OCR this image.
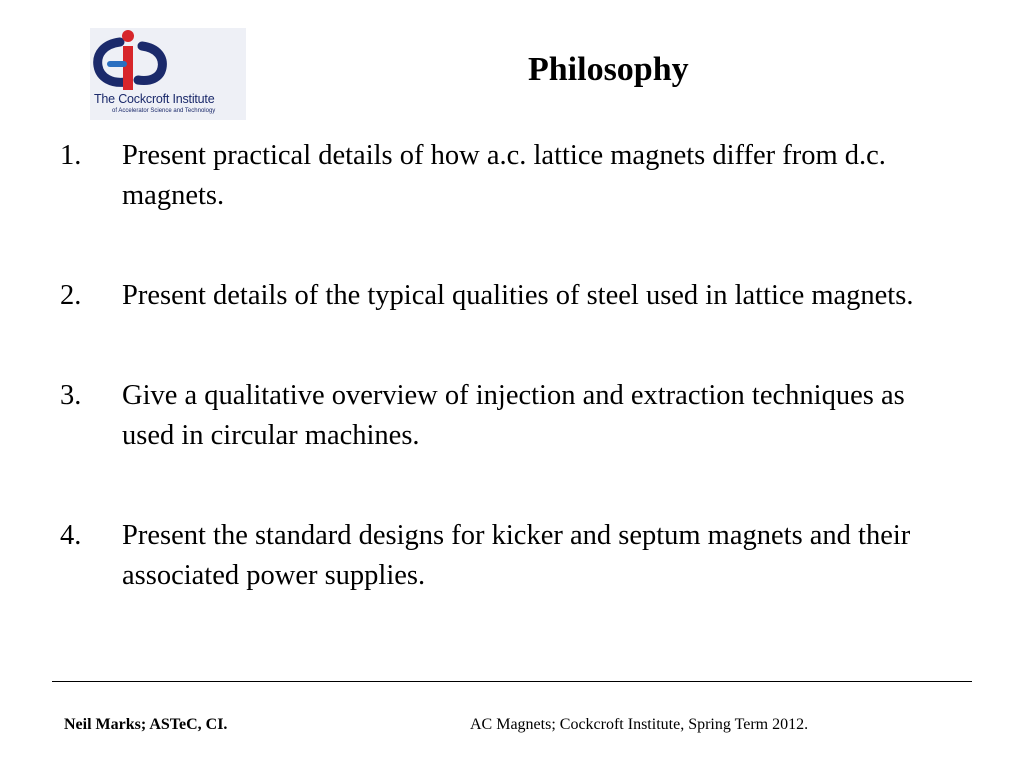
The Cockcroft Institute
of Accelerator Science and Technology
Philosophy
1. Present practical details of how a.c. lattice magnets differ from d.c. magnets.
2. Present details of the typical qualities of steel used in lattice magnets.
3. Give a qualitative overview of injection and extraction techniques as used in circular machines.
4. Present the standard designs for kicker and septum magnets and their associated power supplies.
Neil Marks; ASTeC, CI.	AC Magnets; Cockcroft Institute, Spring Term 2012.
